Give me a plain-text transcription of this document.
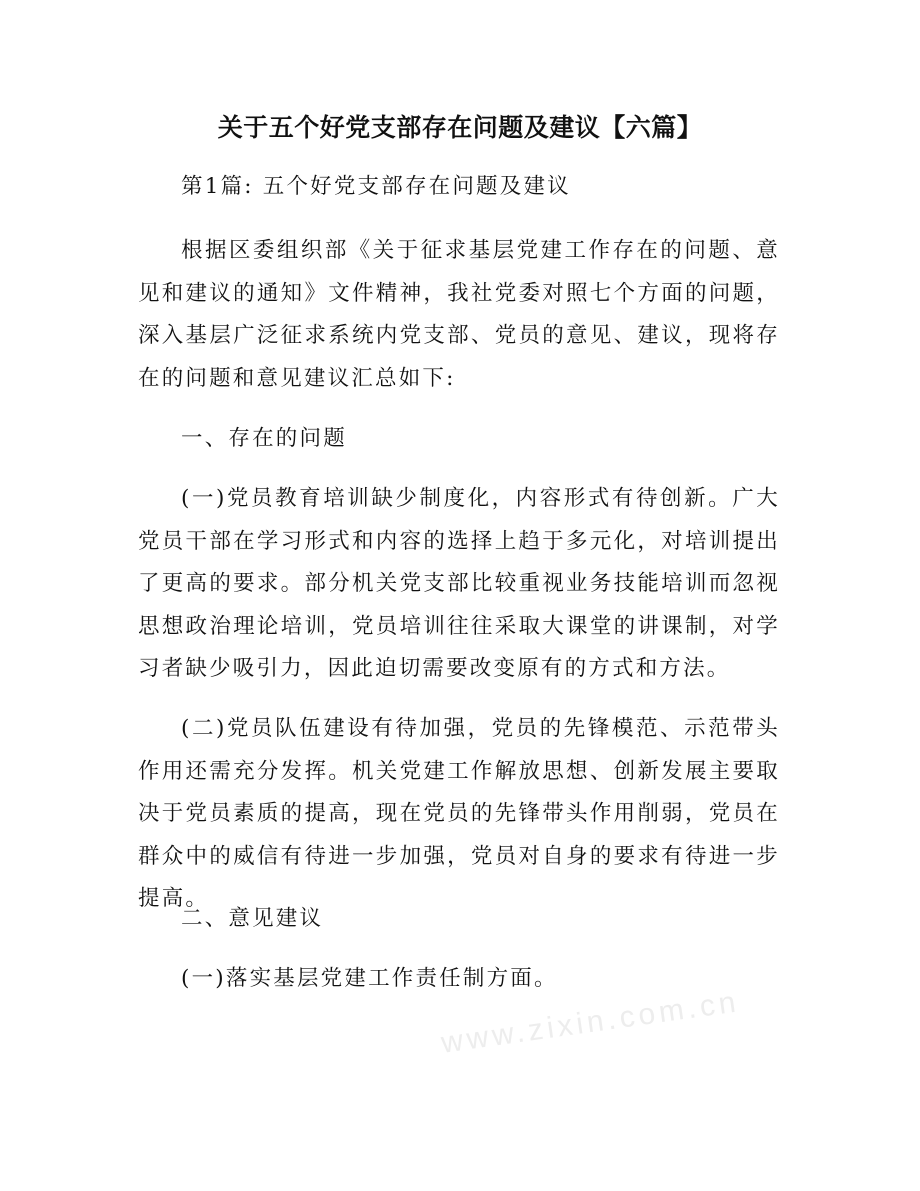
关于五个好党支部存在问题及建议【六篇】

第1篇: 五个好党支部存在问题及建议

根据区委组织部《关于征求基层党建工作存在的问题、意见和建议的通知》文件精神，我社党委对照七个方面的问题，深入基层广泛征求系统内党支部、党员的意见、建议，现将存在的问题和意见建议汇总如下:

一、存在的问题

(一)党员教育培训缺少制度化，内容形式有待创新。广大党员干部在学习形式和内容的选择上趋于多元化，对培训提出了更高的要求。部分机关党支部比较重视业务技能培训而忽视思想政治理论培训，党员培训往往采取大课堂的讲课制，对学习者缺少吸引力，因此迫切需要改变原有的方式和方法。

(二)党员队伍建设有待加强，党员的先锋模范、示范带头作用还需充分发挥。机关党建工作解放思想、创新发展主要取决于党员素质的提高，现在党员的先锋带头作用削弱，党员在群众中的威信有待进一步加强，党员对自身的要求有待进一步提高。

二、意见建议

(一)落实基层党建工作责任制方面。

www.zixin.com.cn
